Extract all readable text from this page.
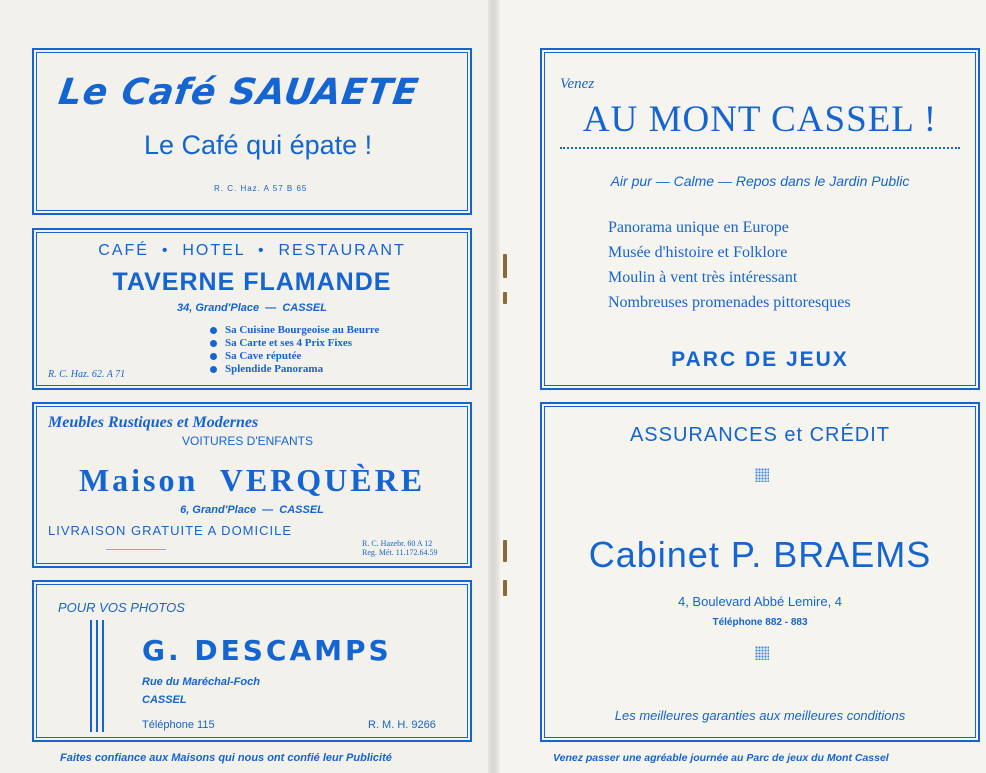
Le Café SAUAETE
Le Café qui épate !
R. C. Haz. A 57 B 65
CAFÉ  •  HOTEL  •  RESTAURANT
TAVERNE FLAMANDE
34, Grand'Place  —  CASSEL
Sa Cuisine Bourgeoise au Beurre
Sa Carte et ses 4 Prix Fixes
Sa Cave réputée
Splendide Panorama
R. C. Haz. 62. A 71
Meubles Rustiques et Modernes
VOITURES D'ENFANTS
Maison  VERQUÈRE
6, Grand'Place  —  CASSEL
LIVRAISON GRATUITE A DOMICILE
R. C. Hazebr. 60 A 12
Reg. Mét. 11.172.64.59
POUR VOS PHOTOS
G. DESCAMPS
Rue du Maréchal-Foch
CASSEL
Téléphone 115	R. M. H. 9266
Faites confiance aux Maisons qui nous ont confié leur Publicité
Venez
AU MONT CASSEL !
Air pur — Calme — Repos dans le Jardin Public
Panorama unique en Europe
Musée d'histoire et Folklore
Moulin à vent très intéressant
Nombreuses promenades pittoresques
PARC DE JEUX
ASSURANCES et CRÉDIT
Cabinet P. BRAEMS
4, Boulevard Abbé Lemire, 4
Téléphone 882 - 883
Les meilleures garanties aux meilleures conditions
Venez passer une agréable journée au Parc de jeux du Mont Cassel
